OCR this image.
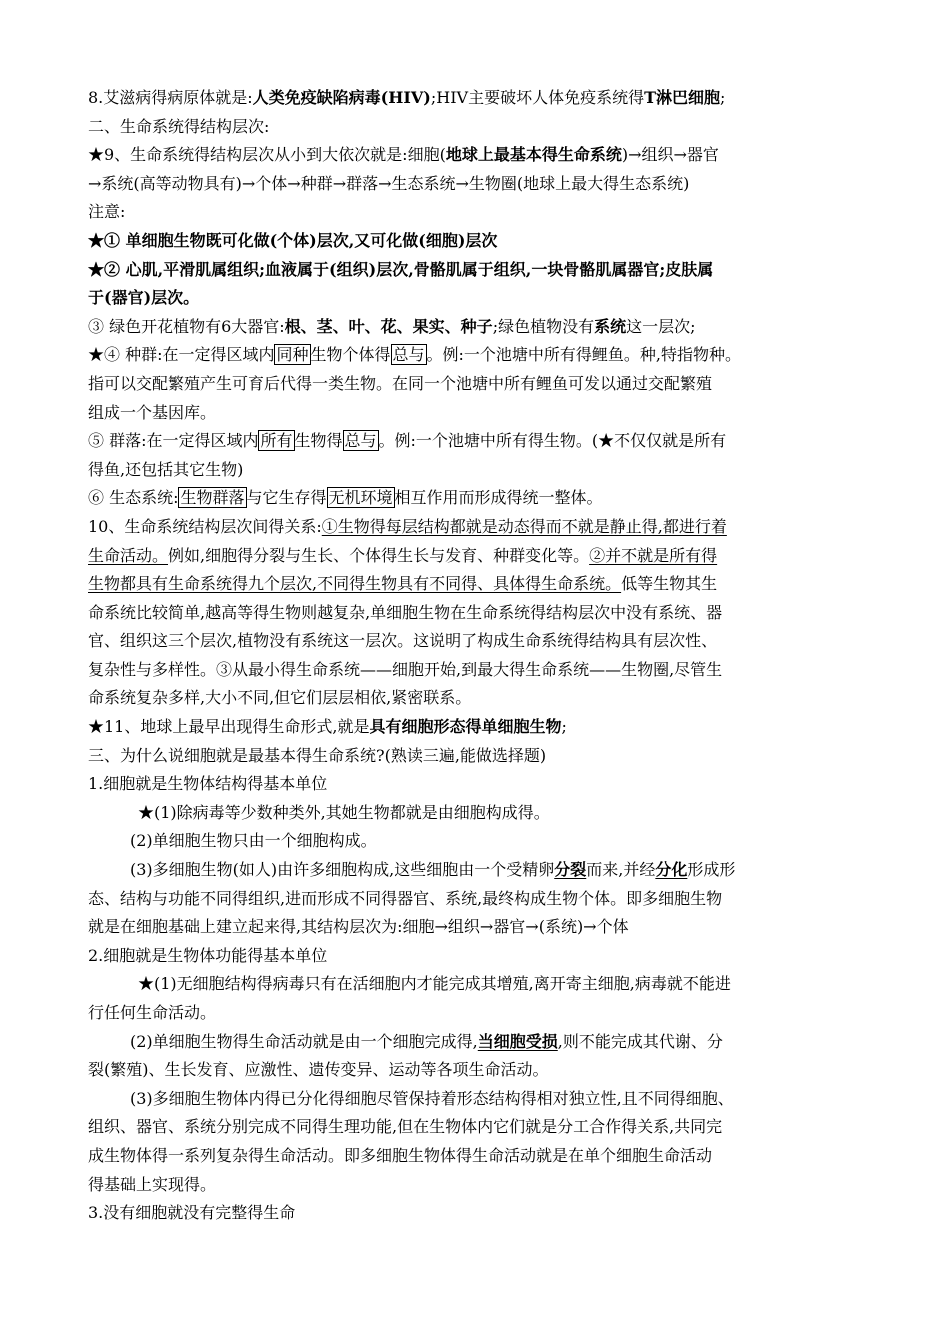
8.艾滋病得病原体就是:人类免疫缺陷病毒(HIV);HIV主要破坏人体免疫系统得T淋巴细胞;
二、生命系统得结构层次:
★9、生命系统得结构层次从小到大依次就是:细胞(地球上最基本得生命系统)→组织→器官
→系统(高等动物具有)→个体→种群→群落→生态系统→生物圈(地球上最大得生态系统)
注意:
★① 单细胞生物既可化做(个体)层次,又可化做(细胞)层次
★② 心肌,平滑肌属组织;血液属于(组织)层次,骨骼肌属于组织,一块骨骼肌属器官;皮肤属
于(器官)层次。
③ 绿色开花植物有6大器官:根、茎、叶、花、果实、种子;绿色植物没有系统这一层次;
★④ 种群:在一定得区域内 同种 生物个体得 总与 。例:一个池塘中所有得鲤鱼。种,特指物种。
指可以交配繁殖产生可育后代得一类生物。在同一个池塘中所有鲤鱼可发以通过交配繁殖
组成一个基因库。
⑤ 群落:在一定得区域内 所有 生物得 总与 。例:一个池塘中所有得生物。(★不仅仅就是所有
得鱼,还包括其它生物)
⑥ 生态系统: 生物群落 与它生存得 无机环境 相互作用而形成得统一整体。
10、生命系统结构层次间得关系:①生物得每层结构都就是动态得而不就是静止得,都进行着
生命活动。例如,细胞得分裂与生长、个体得生长与发育、种群变化等。②并不就是所有得
生物都具有生命系统得九个层次,不同得生物具有不同得、具体得生命系统。低等生物其生
命系统比较简单,越高等得生物则越复杂,单细胞生物在生命系统得结构层次中没有系统、器
官、组织这三个层次,植物没有系统这一层次。这说明了构成生命系统得结构具有层次性、
复杂性与多样性。③从最小得生命系统——细胞开始,到最大得生命系统——生物圈,尽管生
命系统复杂多样,大小不同,但它们层层相依,紧密联系。
★11、地球上最早出现得生命形式,就是具有细胞形态得单细胞生物;
三、为什么说细胞就是最基本得生命系统?(熟读三遍,能做选择题)
1.细胞就是生物体结构得基本单位
★(1)除病毒等少数种类外,其她生物都就是由细胞构成得。
(2)单细胞生物只由一个细胞构成。
(3)多细胞生物(如人)由许多细胞构成,这些细胞由一个受精卵分裂而来,并经分化形成形
态、结构与功能不同得组织,进而形成不同得器官、系统,最终构成生物个体。即多细胞生物
就是在细胞基础上建立起来得,其结构层次为:细胞→组织→器官→(系统)→个体
2.细胞就是生物体功能得基本单位
★(1)无细胞结构得病毒只有在活细胞内才能完成其增殖,离开寄主细胞,病毒就不能进
行任何生命活动。
(2)单细胞生物得生命活动就是由一个细胞完成得,当细胞受损,则不能完成其代谢、分
裂(繁殖)、生长发育、应激性、遗传变异、运动等各项生命活动。
(3)多细胞生物体内得已分化得细胞尽管保持着形态结构得相对独立性,且不同得细胞、
组织、器官、系统分别完成不同得生理功能,但在生物体内它们就是分工合作得关系,共同完
成生物体得一系列复杂得生命活动。即多细胞生物体得生命活动就是在单个细胞生命活动
得基础上实现得。
3.没有细胞就没有完整得生命
